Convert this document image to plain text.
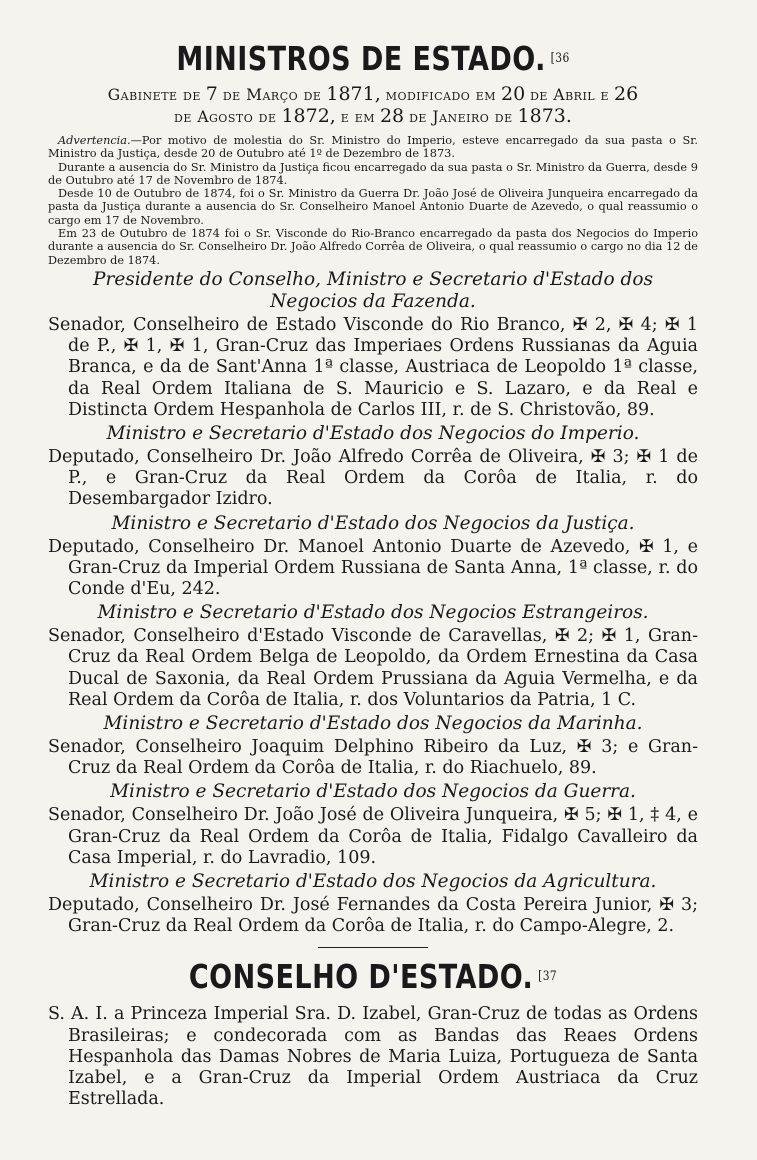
MINISTROS DE ESTADO. $^{[36}$
Gabinete de 7 de Março de 1871, modificado em 20 de Abril e 26
de Agosto de 1872, e em 28 de Janeiro de 1873.

Advertencia.—Por motivo de molestia do Sr. Ministro do Imperio, esteve encarregado da sua pasta o Sr. Ministro da Justiça, desde 20 de Outubro até 1º de Dezembro de 1873.

Durante a ausencia do Sr. Ministro da Justiça ficou encarregado da sua pasta o Sr. Ministro da Guerra, desde 9 de Outubro até 17 de Novembro de 1874.

Desde 10 de Outubro de 1874, foi o Sr. Ministro da Guerra Dr. João José de Oliveira Junqueira encarregado da pasta da Justiça durante a ausencia do Sr. Conselheiro Manoel Antonio Duarte de Azevedo, o qual reassumio o cargo em 17 de Novembro.

Em 23 de Outubro de 1874 foi o Sr. Visconde do Rio-Branco encarregado da pasta dos Negocios do Imperio durante a ausencia do Sr. Conselheiro Dr. João Alfredo Corrêa de Oliveira, o qual reassumio o cargo no dia 12 de Dezembro de 1874.

Presidente do Conselho, Ministro e Secretario d'Estado dos Negocios da Fazenda.

Senador, Conselheiro de Estado Visconde do Rio Branco, ✠ 2, ✠ 4; ✠ 1 de P., ✠ 1, ✠ 1, Gran-Cruz das Imperiaes Ordens Russianas da Aguia Branca, e da de Sant'Anna 1ª classe, Austriaca de Leopoldo 1ª classe, da Real Ordem Italiana de S. Mauricio e S. Lazaro, e da Real e Distincta Ordem Hespanhola de Carlos III, r. de S. Christovão, 89.

Ministro e Secretario d'Estado dos Negocios do Imperio.

Deputado, Conselheiro Dr. João Alfredo Corrêa de Oliveira, ✠ 3; ✠ 1 de P., e Gran-Cruz da Real Ordem da Corôa de Italia, r. do Desembargador Izidro.

Ministro e Secretario d'Estado dos Negocios da Justiça.

Deputado, Conselheiro Dr. Manoel Antonio Duarte de Azevedo, ✠ 1, e Gran-Cruz da Imperial Ordem Russiana de Santa Anna, 1ª classe, r. do Conde d'Eu, 242.

Ministro e Secretario d'Estado dos Negocios Estrangeiros.

Senador, Conselheiro d'Estado Visconde de Caravellas, ✠ 2; ✠ 1, Gran-Cruz da Real Ordem Belga de Leopoldo, da Ordem Ernestina da Casa Ducal de Saxonia, da Real Ordem Prussiana da Aguia Vermelha, e da Real Ordem da Corôa de Italia, r. dos Voluntarios da Patria, 1 C.

Ministro e Secretario d'Estado dos Negocios da Marinha.

Senador, Conselheiro Joaquim Delphino Ribeiro da Luz, ✠ 3; e Gran-Cruz da Real Ordem da Corôa de Italia, r. do Riachuelo, 89.

Ministro e Secretario d'Estado dos Negocios da Guerra.

Senador, Conselheiro Dr. João José de Oliveira Junqueira, ✠ 5; ✠ 1, ‡ 4, e Gran-Cruz da Real Ordem da Corôa de Italia, Fidalgo Cavalleiro da Casa Imperial, r. do Lavradio, 109.

Ministro e Secretario d'Estado dos Negocios da Agricultura.

Deputado, Conselheiro Dr. José Fernandes da Costa Pereira Junior, ✠ 3; Gran-Cruz da Real Ordem da Corôa de Italia, r. do Campo-Alegre, 2.

CONSELHO D'ESTADO. $^{[37}$

S. A. I. a Princeza Imperial Sra. D. Izabel, Gran-Cruz de todas as Ordens Brasileiras; e condecorada com as Bandas das Reaes Ordens Hespanhola das Damas Nobres de Maria Luiza, Portugueza de Santa Izabel, e a Gran-Cruz da Imperial Ordem Austriaca da Cruz Estrellada.
